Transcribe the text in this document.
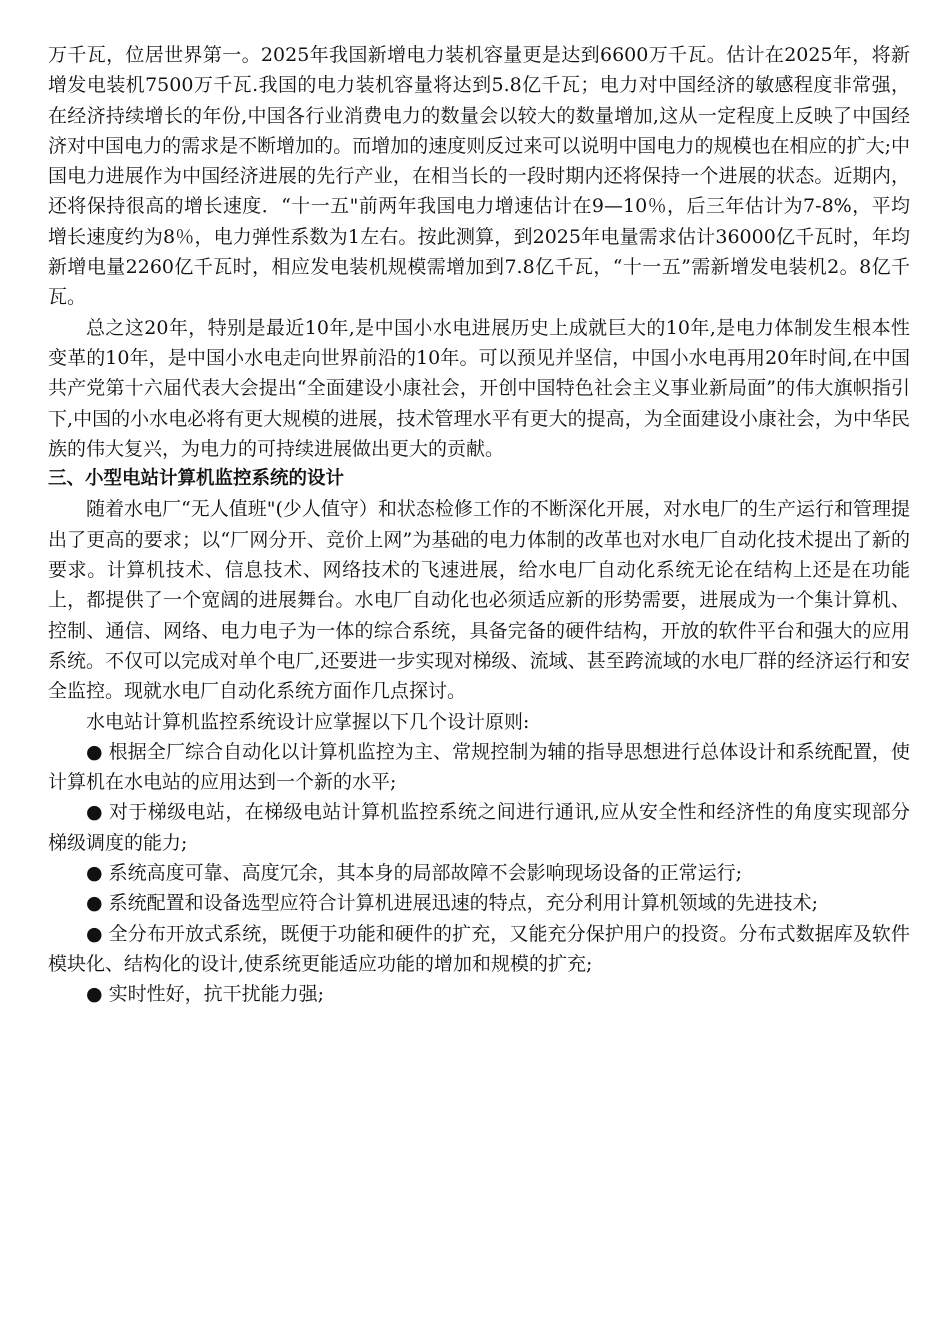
万千瓦，位居世界第一。2025年我国新增电力装机容量更是达到6600万千瓦。估计在2025年，将新增发电装机7500万千瓦.我国的电力装机容量将达到5.8亿千瓦；电力对中国经济的敏感程度非常强，在经济持续增长的年份,中国各行业消费电力的数量会以较大的数量增加,这从一定程度上反映了中国经济对中国电力的需求是不断增加的。而增加的速度则反过来可以说明中国电力的规模也在相应的扩大;中国电力进展作为中国经济进展的先行产业，在相当长的一段时期内还将保持一个进展的状态。近期内，还将保持很高的增长速度．“十一五"前两年我国电力增速估计在9—10％，后三年估计为7-8%，平均增长速度约为8％，电力弹性系数为1左右。按此测算，到2025年电量需求估计36000亿千瓦时，年均新增电量2260亿千瓦时，相应发电装机规模需增加到7.8亿千瓦，“十一五”需新增发电装机2。8亿千瓦。

总之这20年，特别是最近10年,是中国小水电进展历史上成就巨大的10年,是电力体制发生根本性变革的10年，是中国小水电走向世界前沿的10年。可以预见并坚信，中国小水电再用20年时间,在中国共产党第十六届代表大会提出“全面建设小康社会，开创中国特色社会主义事业新局面”的伟大旗帜指引下,中国的小水电必将有更大规模的进展，技术管理水平有更大的提高，为全面建设小康社会，为中华民族的伟大复兴，为电力的可持续进展做出更大的贡献。

三、小型电站计算机监控系统的设计

随着水电厂“无人值班"(少人值守）和状态检修工作的不断深化开展，对水电厂的生产运行和管理提出了更高的要求；以“厂网分开、竞价上网”为基础的电力体制的改革也对水电厂自动化技术提出了新的要求。计算机技术、信息技术、网络技术的飞速进展，给水电厂自动化系统无论在结构上还是在功能上，都提供了一个宽阔的进展舞台。水电厂自动化也必须适应新的形势需要，进展成为一个集计算机、控制、通信、网络、电力电子为一体的综合系统，具备完备的硬件结构，开放的软件平台和强大的应用系统。不仅可以完成对单个电厂,还要进一步实现对梯级、流域、甚至跨流域的水电厂群的经济运行和安全监控。现就水电厂自动化系统方面作几点探讨。

水电站计算机监控系统设计应掌握以下几个设计原则:

● 根据全厂综合自动化以计算机监控为主、常规控制为辅的指导思想进行总体设计和系统配置，使计算机在水电站的应用达到一个新的水平;

● 对于梯级电站，在梯级电站计算机监控系统之间进行通讯,应从安全性和经济性的角度实现部分梯级调度的能力;

● 系统高度可靠、高度冗余，其本身的局部故障不会影响现场设备的正常运行;

● 系统配置和设备选型应符合计算机进展迅速的特点，充分利用计算机领域的先进技术;

● 全分布开放式系统，既便于功能和硬件的扩充，又能充分保护用户的投资。分布式数据库及软件模块化、结构化的设计,使系统更能适应功能的增加和规模的扩充;

● 实时性好，抗干扰能力强;
